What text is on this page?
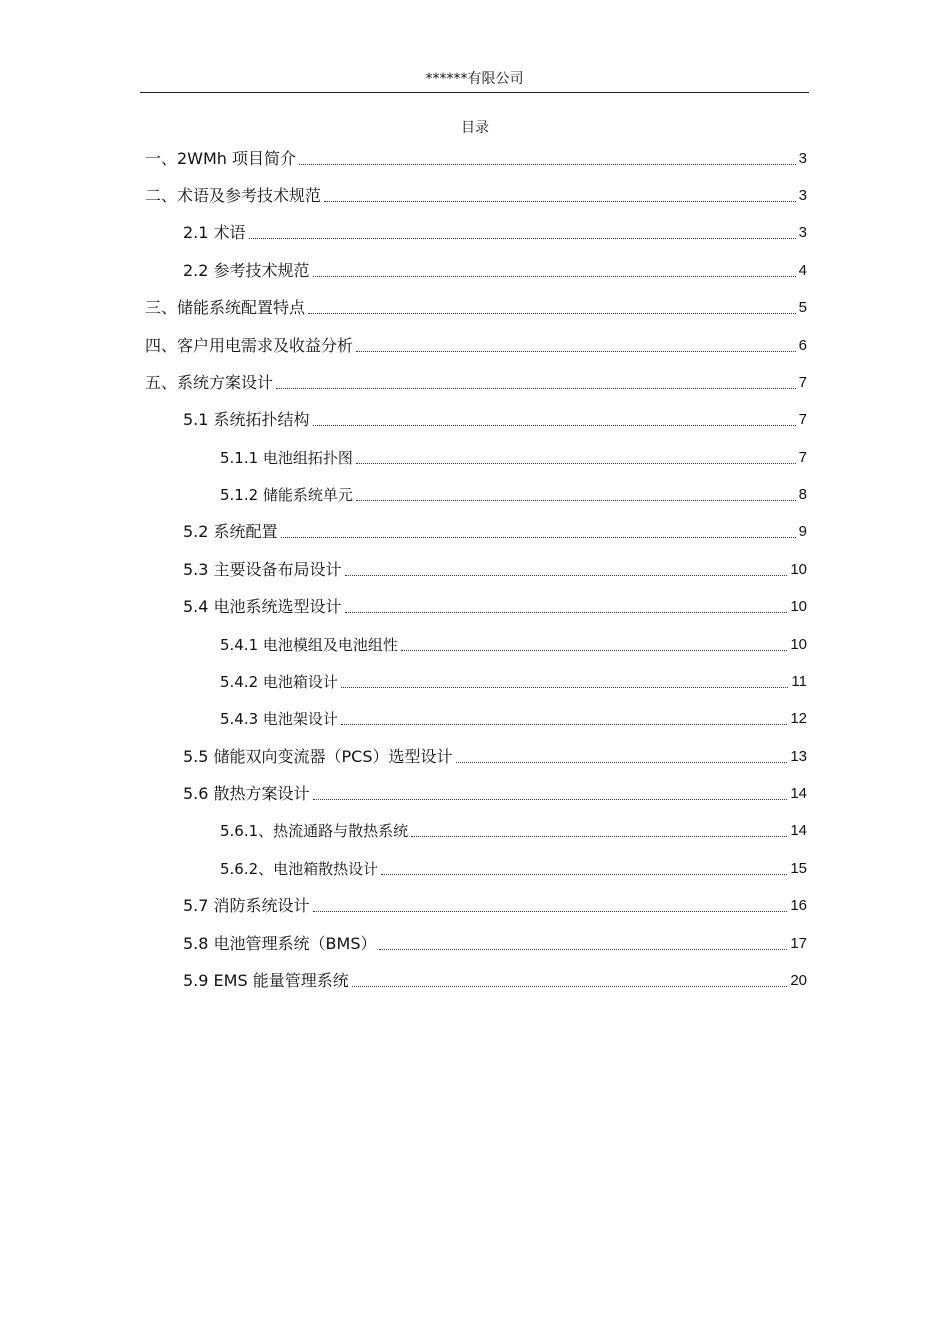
******有限公司
目录
一、2WMh 项目简介	3
二、术语及参考技术规范	3
2.1 术语	3
2.2 参考技术规范	4
三、储能系统配置特点	5
四、客户用电需求及收益分析	6
五、系统方案设计	7
5.1 系统拓扑结构	7
5.1.1 电池组拓扑图	7
5.1.2 储能系统单元	8
5.2 系统配置	9
5.3 主要设备布局设计	10
5.4 电池系统选型设计	10
5.4.1 电池模组及电池组性	10
5.4.2 电池箱设计	11
5.4.3 电池架设计	12
5.5 储能双向变流器（PCS）选型设计	13
5.6 散热方案设计	14
5.6.1、热流通路与散热系统	14
5.6.2、电池箱散热设计	15
5.7 消防系统设计	16
5.8 电池管理系统（BMS）	17
5.9 EMS 能量管理系统	20
